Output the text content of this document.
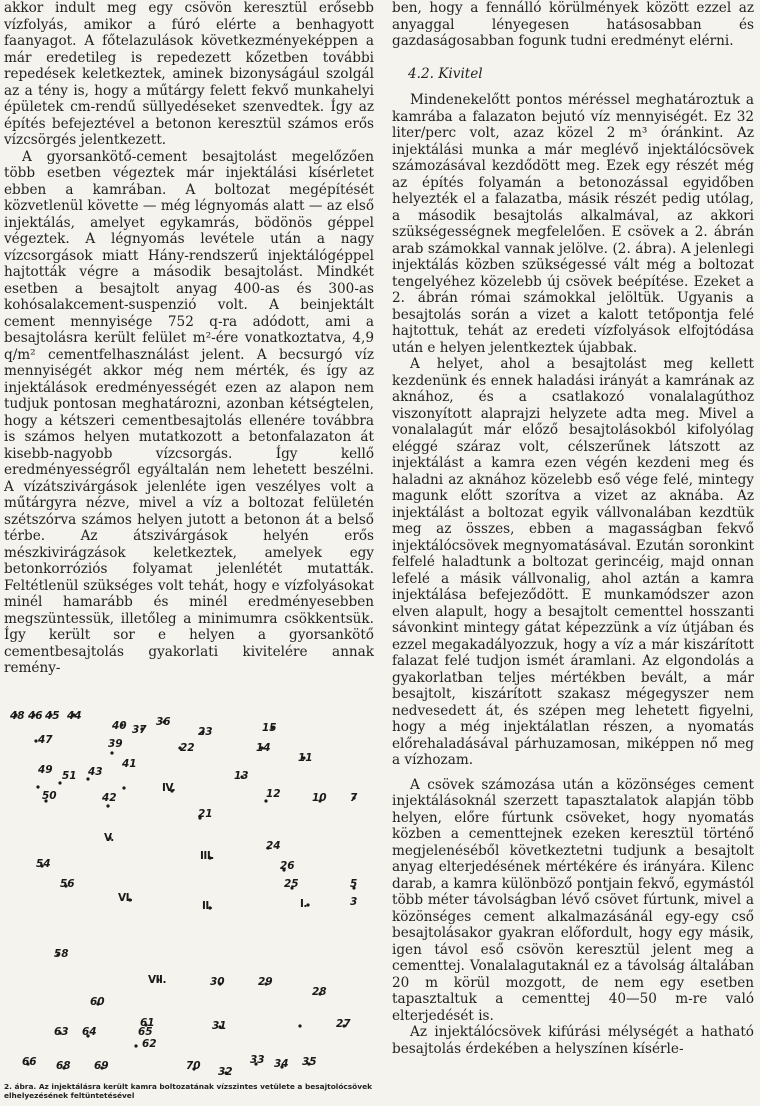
akkor indult meg egy csövön keresztül erősebb vízfolyás, amikor a fúró elérte a benhagyott faanyagot. A főtelazulások következményeképpen a már eredetileg is repedezett kőzetben további repedések keletkeztek, aminek bizonyságául szolgál az a tény is, hogy a műtárgy felett fekvő munkahelyi épületek cm-rendű süllyedéseket szenvedtek. Így az építés befejeztével a betonon keresztül számos erős vízcsörgés jelentkezett.

A gyorsankötő-cement besajtolást megelőzően több esetben végeztek már injektálási kísérletet ebben a kamrában. A boltozat megépítését közvetlenül követte — még légnyomás alatt — az első injektálás, amelyet egykamrás, bödönös géppel végeztek. A légnyomás levétele után a nagy vízcsorgások miatt Hány-rendszerű injektálógéppel hajtották végre a második besajtolást. Mindkét esetben a besajtolt anyag 400-as és 300-as kohósalakcement-suspenzió volt. A beinjektált cement mennyisége 752 q-ra adódott, ami a besajtolásra került felület m²-ére vonatkoztatva, 4,9 q/m² cementfelhasználást jelent. A becsurgó víz mennyiségét akkor még nem mérték, és így az injektálások eredményességét ezen az alapon nem tudjuk pontosan meghatározni, azonban kétségtelen, hogy a kétszeri cementbesajtolás ellenére továbbra is számos helyen mutatkozott a betonfalazaton át kisebb-nagyobb vízcsorgás. Így kellő eredményességről egyáltalán nem lehetett beszélni. A vízátszivárgások jelenléte igen veszélyes volt a műtárgyra nézve, mivel a víz a boltozat felületén szétszórva számos helyen jutott a betonon át a belső térbe. Az átszivárgások helyén erős mészkivirágzások keletkeztek, amelyek egy betonkorróziós folyamat jelenlétét mutatták. Feltétlenül szükséges volt tehát, hogy e vízfolyásokat minél hamarább és minél eredményesebben megszüntessük, illetőleg a minimumra csökkentsük. Így került sor e helyen a gyorsankötő cementbesajtolás gyakorlati kivitelére annak remény-

48 46 45 44
40 37
36
23	15
47	39	22	14
11
49 51 43
41
13
50	42	12	10 7
21
24
54	26
56	25	5
3
58
30	29
28
60
61
62
31	27
63 64	65
66 68 69	70 32
33 34 35
IV.
V.
III.
VI.
II.	I.
VII.
2. ábra. Az injektálásra került kamra boltozatának vízszintes vetülete a besajtolócsövek elhelyezésének feltüntetésével

ben, hogy a fennálló körülmények között ezzel az anyaggal lényegesen hatásosabban és gazdaságosabban fogunk tudni eredményt elérni.

4.2. Kivitel

Mindenekelőtt pontos méréssel meghatároztuk a kamrába a falazaton bejutó víz mennyiségét. Ez 32 liter/perc volt, azaz közel 2 m³ óránkint. Az injektálási munka a már meglévő injektálócsövek számozásával kezdődött meg. Ezek egy részét még az építés folyamán a betonozással egyidőben helyezték el a falazatba, másik részét pedig utólag, a második besajtolás alkalmával, az akkori szükségességnek megfelelően. E csövek a 2. ábrán arab számokkal vannak jelölve. (2. ábra). A jelenlegi injektálás közben szükségessé vált még a boltozat tengelyéhez közelebb új csövek beépítése. Ezeket a 2. ábrán római számokkal jelöltük. Ugyanis a besajtolás során a vizet a kalott tetőpontja felé hajtottuk, tehát az eredeti vízfolyások elfojtódása után e helyen jelentkeztek újabbak.

A helyet, ahol a besajtolást meg kellett kezdenünk és ennek haladási irányát a kamrának az aknához, és a csatlakozó vonalalagúthoz viszonyított alaprajzi helyzete adta meg. Mivel a vonalalagút már előző besajtolásokból kifolyólag eléggé száraz volt, célszerűnek látszott az injektálást a kamra ezen végén kezdeni meg és haladni az aknához közelebb eső vége felé, mintegy magunk előtt szorítva a vizet az aknába. Az injektálást a boltozat egyik vállvonalában kezdtük meg az összes, ebben a magasságban fekvő injektálócsövek megnyomatásával. Ezután soronkint felfelé haladtunk a boltozat gerincéig, majd onnan lefelé a másik vállvonalig, ahol aztán a kamra injektálása befejeződött. E munkamódszer azon elven alapult, hogy a besajtolt cementtel hosszanti sávonkint mintegy gátat képezzünk a víz útjában és ezzel megakadályozzuk, hogy a víz a már kiszárított falazat felé tudjon ismét áramlani. Az elgondolás a gyakorlatban teljes mértékben bevált, a már besajtolt, kiszárított szakasz mégegyszer nem nedvesedett át, és szépen meg lehetett figyelni, hogy a még injektálatlan részen, a nyomatás előrehaladásával párhuzamosan, miképpen nő meg a vízhozam.

A csövek számozása után a közönséges cement injektálásoknál szerzett tapasztalatok alapján több helyen, előre fúrtunk csöveket, hogy nyomatás közben a cementtejnek ezeken keresztül történő megjelenéséből következtetni tudjunk a besajtolt anyag elterjedésének mértékére és irányára. Kilenc darab, a kamra különböző pontjain fekvő, egymástól több méter távolságban lévő csövet fúrtunk, mivel a közönséges cement alkalmazásánál egy-egy cső besajtolásakor gyakran előfordult, hogy egy másik, igen távol eső csövön keresztül jelent meg a cementtej. Vonalalagutaknál ez a távolság általában 20 m körül mozgott, de nem egy esetben tapasztaltuk a cementtej 40—50 m-re való elterjedését is.

Az injektálócsövek kifúrási mélységét a hatható besajtolás érdekében a helyszínen kísérle-
